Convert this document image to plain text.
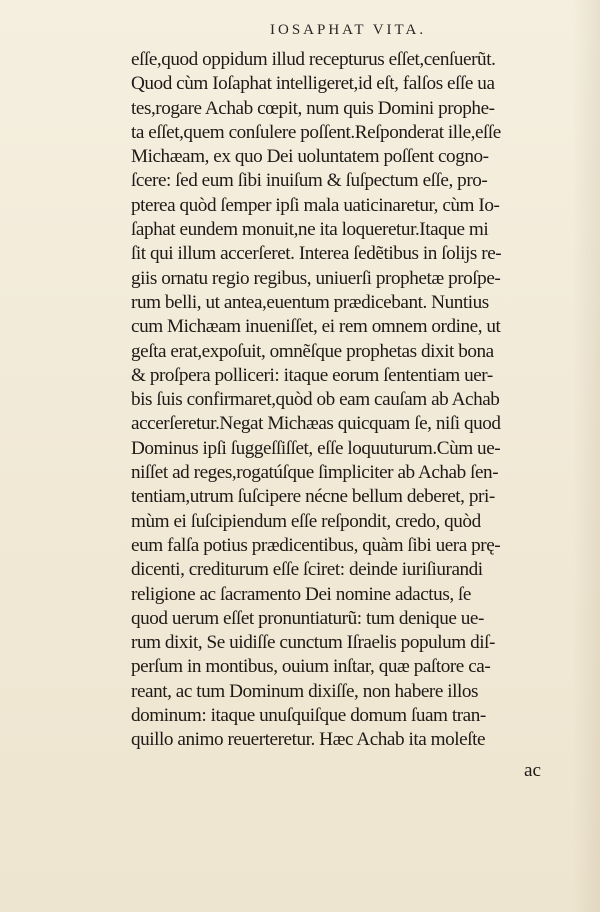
IOSAPHAT VITA.
eſſe,quod oppidum illud recepturus eſſet,cenſuerũt.
Quod cùm Ioſaphat intelligeret,id eſt, falſos eſſe ua
tes,rogare Achab cœpit, num quis Domini prophe-
ta eſſet,quem conſulere poſſent.Reſponderat ille,eſſe
Michæam, ex quo Dei uoluntatem poſſent cogno-
ſcere: ſed eum ſibi inuiſum & ſuſpectum eſſe, pro-
pterea quòd ſemper ipſi mala uaticinaretur, cùm Io-
ſaphat eundem monuit,ne ita loqueretur.Itaque mi
ſit qui illum accerſeret. Interea ſedẽtibus in ſolijs re-
giis ornatu regio regibus, uniuerſi prophetæ proſpe-
rum belli, ut antea,euentum prædicebant. Nuntius
cum Michæam inueniſſet, ei rem omnem ordine, ut
geſta erat,expoſuit, omnẽſque prophetas dixit bona
& proſpera polliceri: itaque eorum ſententiam uer-
bis ſuis confirmaret,quòd ob eam cauſam ab Achab
accerſeretur.Negat Michæas quicquam ſe, niſi quod
Dominus ipſi ſuggeſſiſſet, eſſe loquuturum.Cùm ue-
niſſet ad reges,rogatúſque ſimpliciter ab Achab ſen-
tentiam,utrum ſuſcipere nécne bellum deberet, pri-
mùm ei ſuſcipiendum eſſe reſpondit, credo, quòd
eum falſa potius prædicentibus, quàm ſibi uera prę-
dicenti, crediturum eſſe ſciret: deinde iuriſiurandi
religione ac ſacramento Dei nomine adactus, ſe
quod uerum eſſet pronuntiaturũ: tum denique ue-
rum dixit, Se uidiſſe cunctum Iſraelis populum diſ-
perſum in montibus, ouium inſtar, quæ paſtore ca-
reant, ac tum Dominum dixiſſe, non habere illos
dominum: itaque unuſquiſque domum ſuam tran-
quillo animo reuerteretur. Hæc Achab ita moleſte
ac
